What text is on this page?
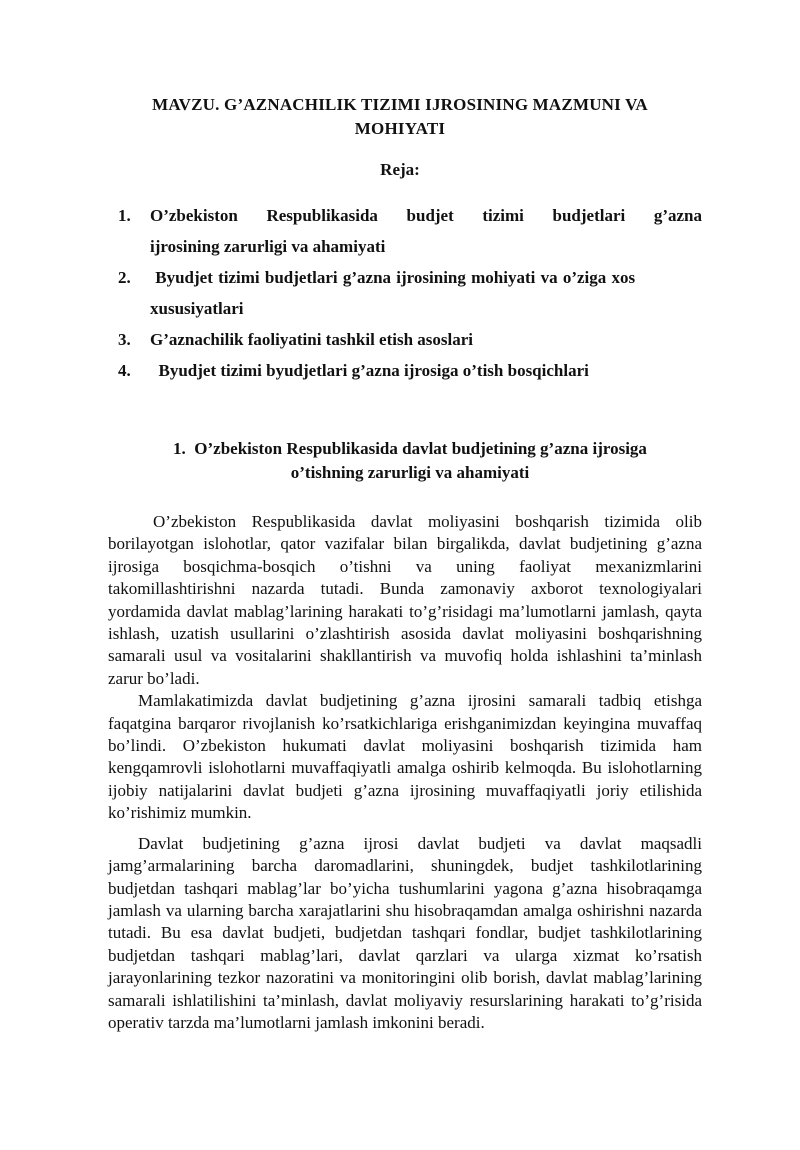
MAVZU. G’AZNACHILIK TIZIMI IJROSINING MAZMUNI VA
MOHIYATI
Reja:
1. O’zbekiston Respublikasida budjet tizimi budjetlari g’azna
ijrosining zarurligi va ahamiyati
2. Byudjet tizimi budjetlari g’azna ijrosining mohiyati va o’ziga xos
xususiyatlari
3. G’aznachilik faoliyatini tashkil etish asoslari
4. Byudjet tizimi byudjetlari g’azna ijrosiga o’tish bosqichlari
1.  O’zbekiston Respublikasida davlat budjetining g’azna ijrosiga
o’tishning zarurligi va ahamiyati

O’zbekiston Respublikasida davlat moliyasini boshqarish tizimida olib borilayotgan islohotlar, qator vazifalar bilan birgalikda, davlat budjetining g’azna ijrosiga bosqichma-bosqich o’tishni va uning faoliyat mexanizmlarini takomillashtirishni nazarda tutadi. Bunda zamonaviy axborot texnologiyalari yordamida davlat mablag’larining harakati to’g’risidagi ma’lumotlarni jamlash, qayta ishlash, uzatish usullarini o’zlashtirish asosida davlat moliyasini boshqarishning samarali usul va vositalarini shakllantirish va muvofiq holda ishlashini ta’minlash zarur bo’ladi.

Mamlakatimizda davlat budjetining g’azna ijrosini samarali tadbiq etishga faqatgina barqaror rivojlanish ko’rsatkichlariga erishganimizdan keyingina muvaffaq bo’lindi. O’zbekiston hukumati davlat moliyasini boshqarish tizimida ham kengqamrovli islohotlarni muvaffaqiyatli amalga oshirib kelmoqda. Bu islohotlarning ijobiy natijalarini davlat budjeti g’azna ijrosining muvaffaqiyatli joriy etilishida ko’rishimiz mumkin.

Davlat budjetining g’azna ijrosi davlat budjeti va davlat maqsadli jamg’armalarining barcha daromadlarini, shuningdek, budjet tashkilotlarining budjetdan tashqari mablag’lar bo’yicha tushumlarini yagona g’azna hisobraqamga jamlash va ularning barcha xarajatlarini shu hisobraqamdan amalga oshirishni nazarda tutadi. Bu esa davlat budjeti, budjetdan tashqari fondlar, budjet tashkilotlarining budjetdan tashqari mablag’lari, davlat qarzlari va ularga xizmat ko’rsatish jarayonlarining tezkor nazoratini va monitoringini olib borish, davlat mablag’larining samarali ishlatilishini ta’minlash, davlat moliyaviy resurslarining harakati to’g’risida operativ tarzda ma’lumotlarni jamlash imkonini beradi.
